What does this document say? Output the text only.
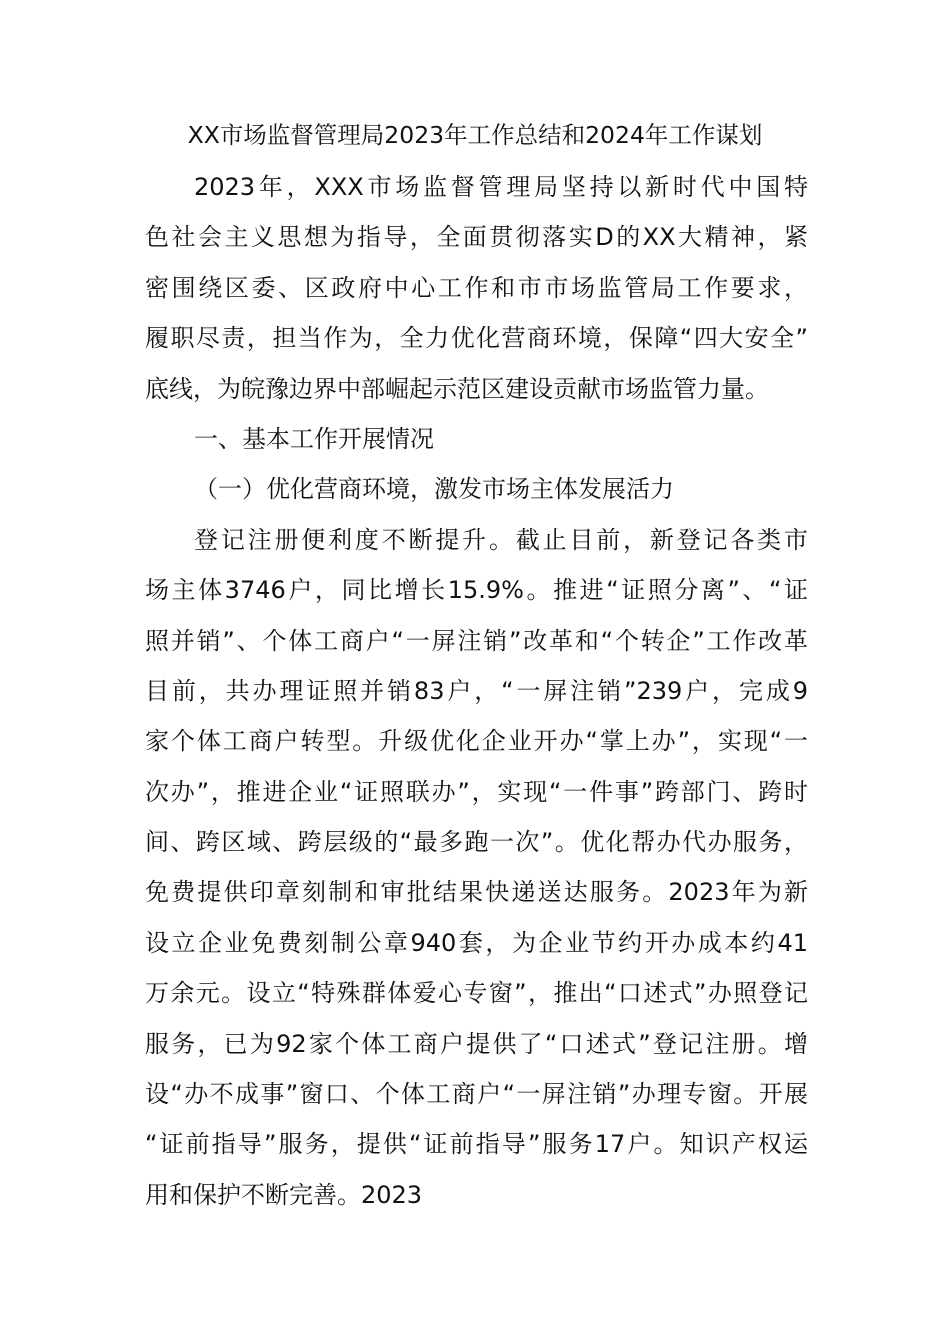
XX市场监督管理局2023年工作总结和2024年工作谋划
2023年，XXX市场监督管理局坚持以新时代中国特
色社会主义思想为指导，全面贯彻落实D的XX大精神，紧
密围绕区委、区政府中心工作和市市场监管局工作要求，
履职尽责，担当作为，全力优化营商环境，保障“四大安全”
底线，为皖豫边界中部崛起示范区建设贡献市场监管力量。
一、基本工作开展情况
（一）优化营商环境，激发市场主体发展活力
登记注册便利度不断提升。截止目前，新登记各类市
场主体3746户，同比增长15.9%。推进“证照分离”、“证
照并销”、个体工商户“一屏注销”改革和“个转企”工作改革
目前，共办理证照并销83户，“一屏注销”239户，完成9
家个体工商户转型。升级优化企业开办“掌上办”，实现“一
次办”，推进企业“证照联办”，实现“一件事”跨部门、跨时
间、跨区域、跨层级的“最多跑一次”。优化帮办代办服务，
免费提供印章刻制和审批结果快递送达服务。2023年为新
设立企业免费刻制公章940套，为企业节约开办成本约41
万余元。设立“特殊群体爱心专窗”，推出“口述式”办照登记
服务，已为92家个体工商户提供了“口述式”登记注册。增
设“办不成事”窗口、个体工商户“一屏注销”办理专窗。开展
“证前指导”服务，提供“证前指导”服务17户。知识产权运
用和保护不断完善。2023
